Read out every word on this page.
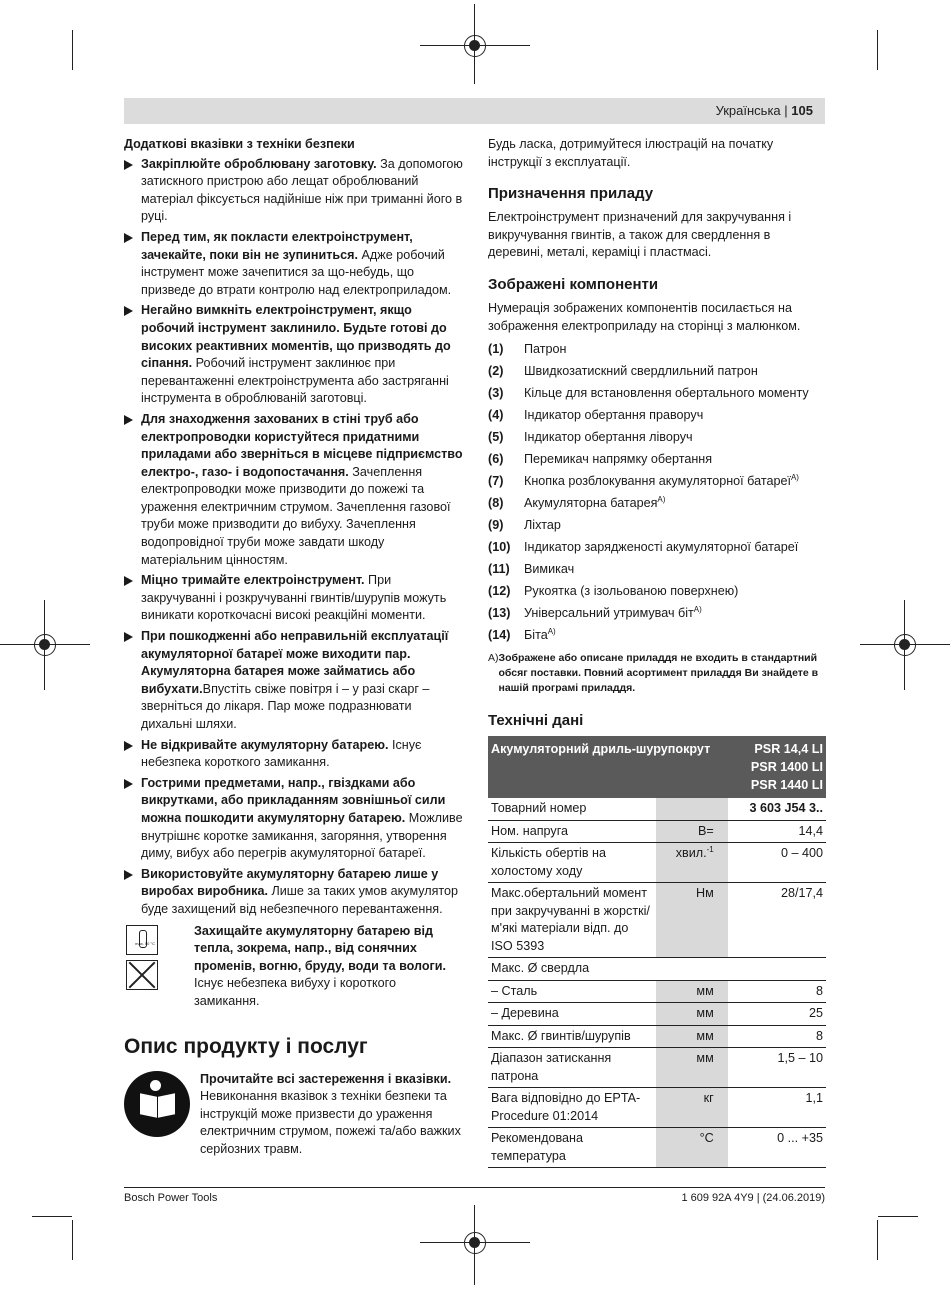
Українська | 105
Додаткові вказівки з техніки безпеки
Закріплюйте оброблювану заготовку. За допомогою затискного пристрою або лещат оброблюваний матеріал фіксується надійніше ніж при триманні його в руці.
Перед тим, як покласти електроінструмент, зачекайте, поки він не зупиниться. Адже робочий інструмент може зачепитися за що-небудь, що призведе до втрати контролю над електроприладом.
Негайно вимкніть електроінструмент, якщо робочий інструмент заклинило. Будьте готові до високих реактивних моментів, що призводять до сіпання. Робочий інструмент заклинює при перевантаженні електроінструмента або застряганні інструмента в оброблюваній заготовці.
Для знаходження захованих в стіні труб або електропроводки користуйтеся придатними приладами або зверніться в місцеве підприємство електро-, газо- і водопостачання. Зачеплення електропроводки може призводити до пожежі та ураження електричним струмом. Зачеплення газової труби може призводити до вибуху. Зачеплення водопровідної труби може завдати шкоду матеріальним цінностям.
Міцно тримайте електроінструмент. При закручуванні і розкручуванні гвинтів/шурупів можуть виникати короткочасні високі реакційні моменти.
При пошкодженні або неправильній експлуатації акумуляторної батареї може виходити пар. Акумуляторна батарея може займатись або вибухати.Впустіть свіже повітря і – у разі скарг – зверніться до лікаря. Пар може подразнювати дихальні шляхи.
Не відкривайте акумуляторну батарею. Існує небезпека короткого замикання.
Гострими предметами, напр., гвіздками або викрутками, або прикладанням зовнішньої сили можна пошкодити акумуляторну батарею. Можливе внутрішнє коротке замикання, загоряння, утворення диму, вибух або перегрів акумуляторної батареї.
Використовуйте акумуляторну батарею лише у виробах виробника. Лише за таких умов акумулятор буде захищений від небезпечного перевантаження.
max. 50 °C
Захищайте акумуляторну батарею від тепла, зокрема, напр., від сонячних променів, вогню, бруду, води та вологи. Існує небезпека вибуху і короткого замикання.
Опис продукту і послуг
Прочитайте всі застереження і вказівки. Невиконання вказівок з техніки безпеки та інструкцій може призвести до ураження електричним струмом, пожежі та/або важких серйозних травм.
Будь ласка, дотримуйтеся ілюстрацій на початку інструкції з експлуатації.
Призначення приладу
Електроінструмент призначений для закручування і викручування гвинтів, а також для свердлення в деревині, металі, кераміці і пластмасі.
Зображені компоненти
Нумерація зображених компонентів посилається на зображення електроприладу на сторінці з малюнком.
(1)	Патрон
(2)	Швидкозатискний свердлильний патрон
(3)	Кільце для встановлення обертального моменту
(4)	Індикатор обертання праворуч
(5)	Індикатор обертання ліворуч
(6)	Перемикач напрямку обертання
(7)	Кнопка розблокування акумуляторної батареї$^{A)}$
(8)	Акумуляторна батарея$^{A)}$
(9)	Ліхтар
(10)	Індикатор зарядженості акумуляторної батареї
(11)	Вимикач
(12)	Рукоятка (з ізольованою поверхнею)
(13)	Універсальний утримувач біт$^{A)}$
(14)	Біта$^{A)}$
A) Зображене або описане приладдя не входить в стандартний обсяг поставки. Повний асортимент приладдя Ви знайдете в нашій програмі приладдя.
Технічні дані
Акумуляторний дриль-шурупокрут		PSR 14,4 LI
PSR 1400 LI
PSR 1440 LI

Товарний номер		3 603 J54 3..
Ном. напруга	В=	14,4
Кількість обертів на холостому ходу	хвил.$^{-1}$	0 – 400
Макс.обертальний момент при закручуванні в жорсткі/м'які матеріали відп. до ISO 5393	Нм	28/17,4
Макс. Ø свердла		
– Сталь	мм	8
– Деревина	мм	25
Макс. Ø гвинтів/шурупів	мм	8
Діапазон затискання патрона	мм	1,5 – 10
Вага відповідно до EPTA-Procedure 01:2014	кг	1,1
Рекомендована температура	°C	0 ... +35
Bosch Power Tools	1 609 92A 4Y9 | (24.06.2019)
